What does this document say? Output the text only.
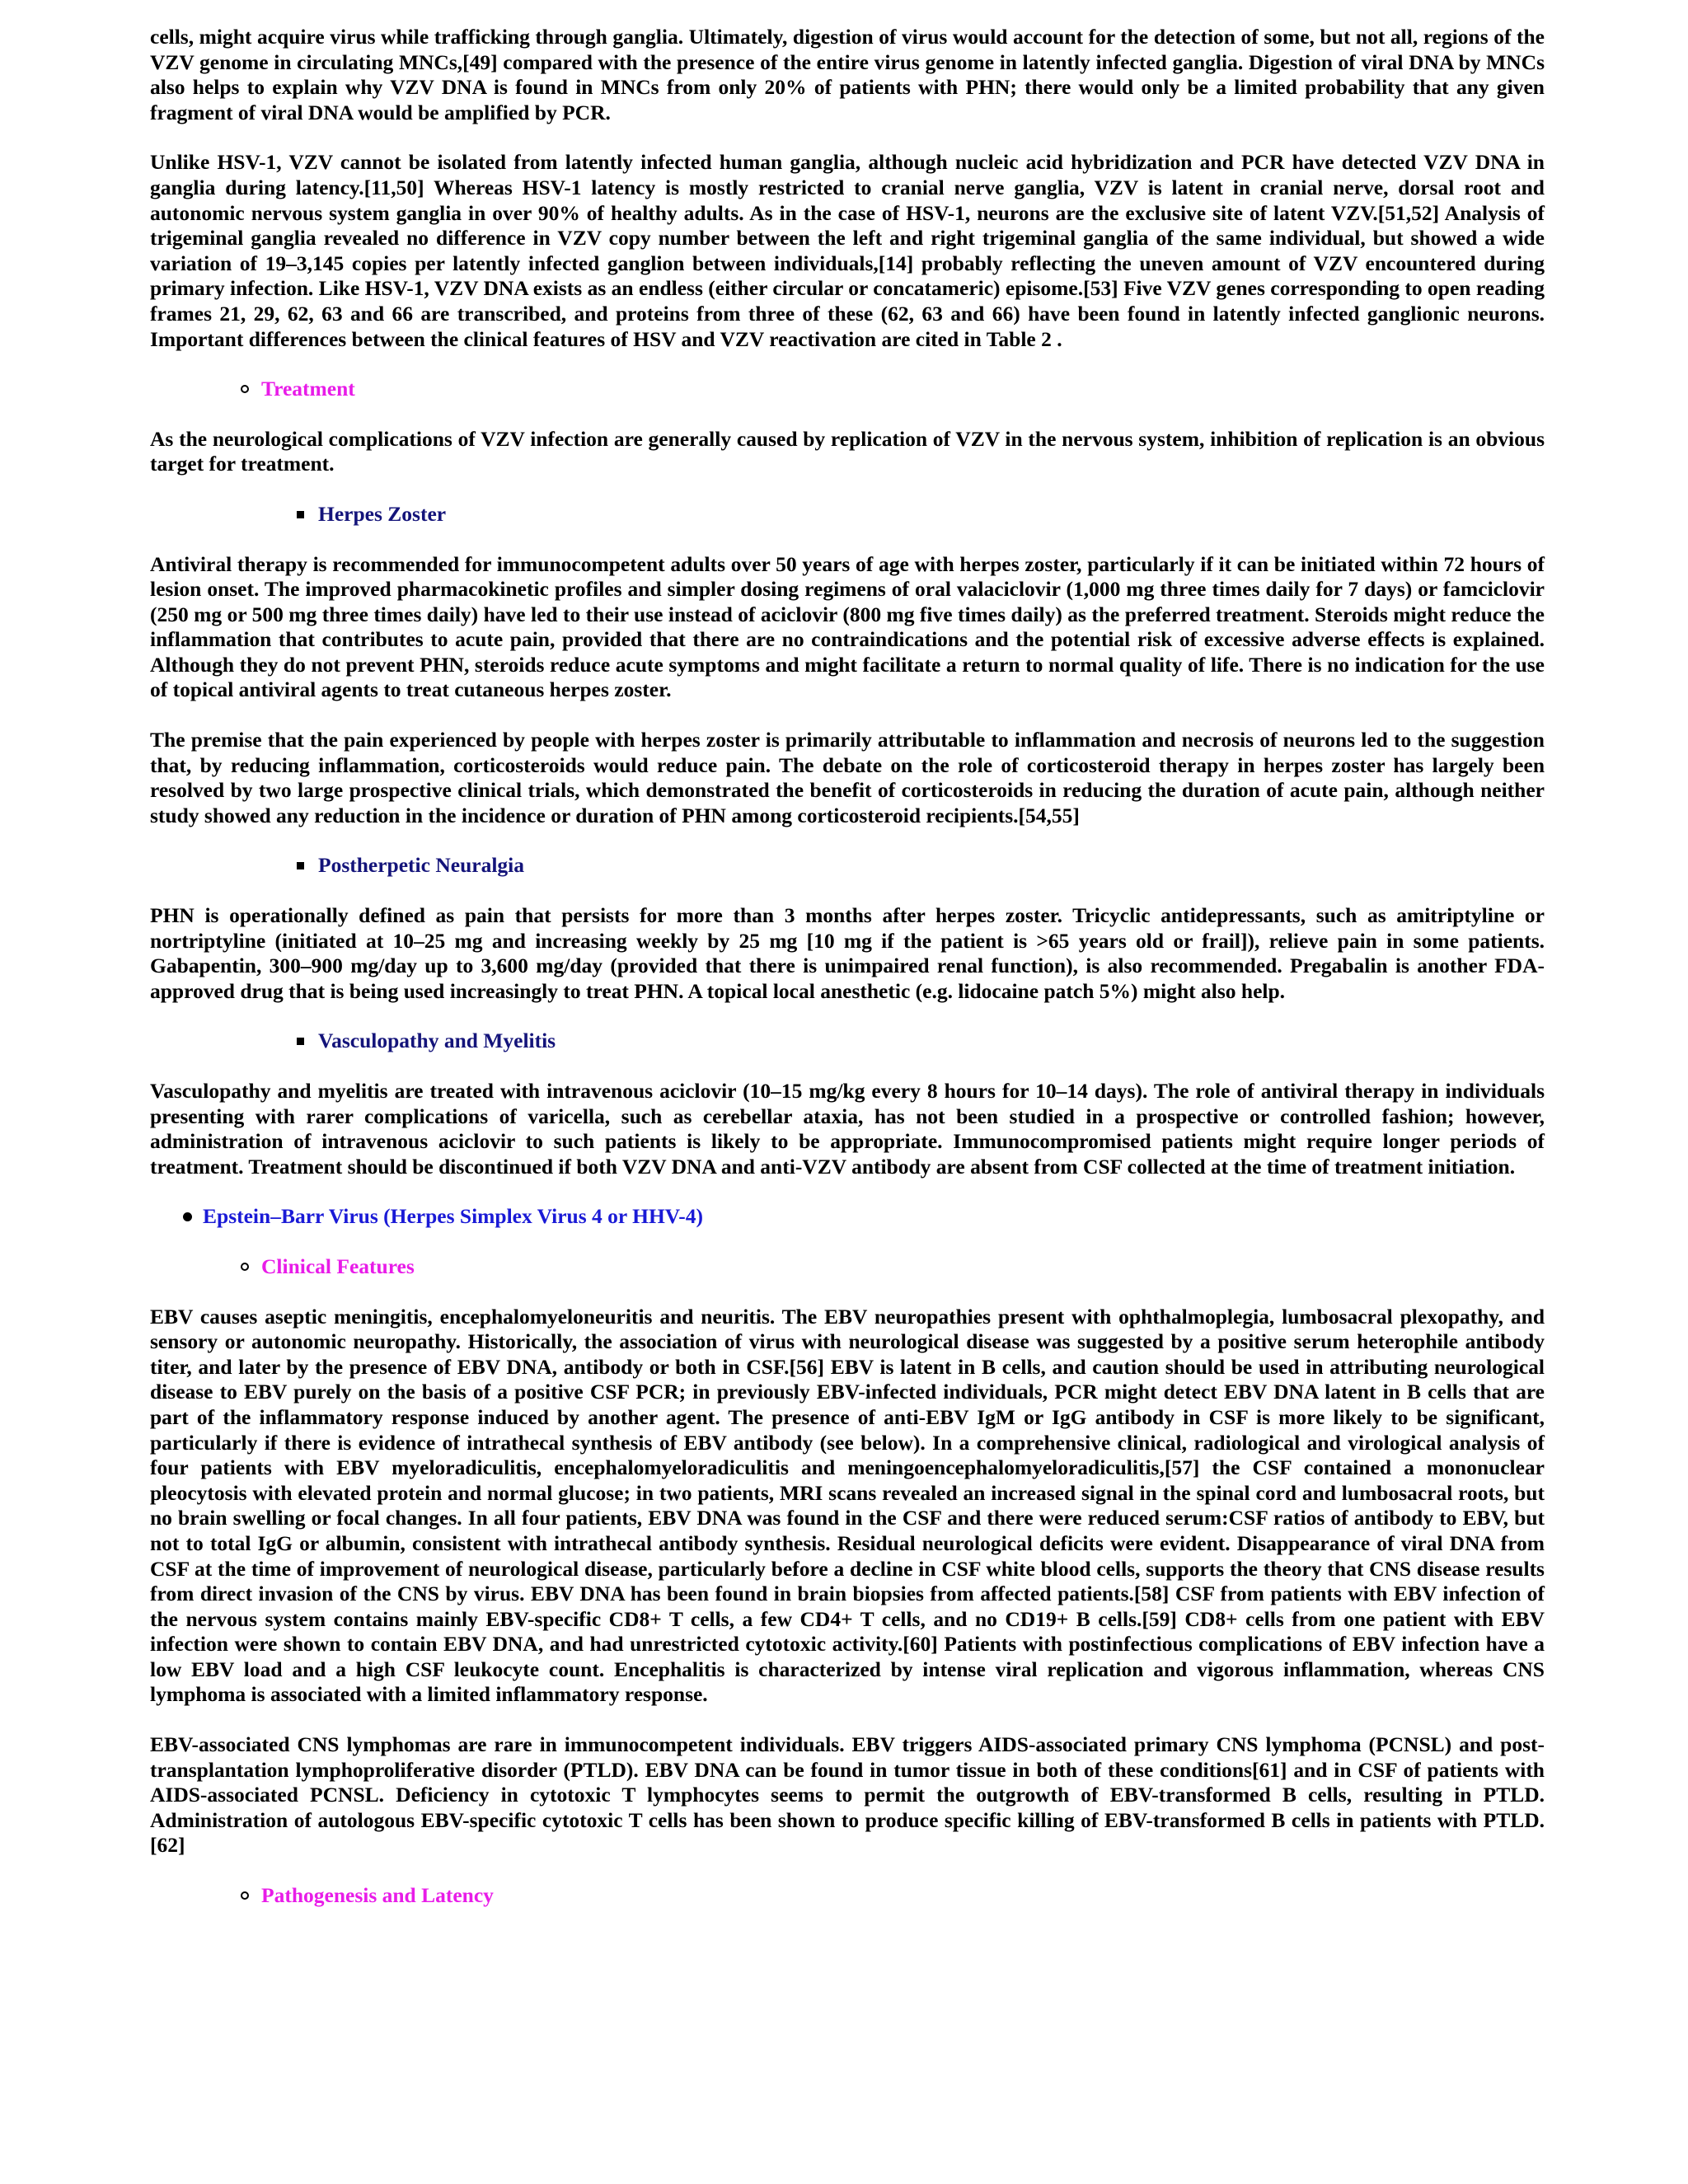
cells, might acquire virus while trafficking through ganglia. Ultimately, digestion of virus would account for the detection of some, but not all, regions of the VZV genome in circulating MNCs,[49] compared with the presence of the entire virus genome in latently infected ganglia. Digestion of viral DNA by MNCs also helps to explain why VZV DNA is found in MNCs from only 20% of patients with PHN; there would only be a limited probability that any given fragment of viral DNA would be amplified by PCR.

Unlike HSV-1, VZV cannot be isolated from latently infected human ganglia, although nucleic acid hybridization and PCR have detected VZV DNA in ganglia during latency.[11,50] Whereas HSV-1 latency is mostly restricted to cranial nerve ganglia, VZV is latent in cranial nerve, dorsal root and autonomic nervous system ganglia in over 90% of healthy adults. As in the case of HSV-1, neurons are the exclusive site of latent VZV.[51,52] Analysis of trigeminal ganglia revealed no difference in VZV copy number between the left and right trigeminal ganglia of the same individual, but showed a wide variation of 19–3,145 copies per latently infected ganglion between individuals,[14] probably reflecting the uneven amount of VZV encountered during primary infection. Like HSV-1, VZV DNA exists as an endless (either circular or concatameric) episome.[53] Five VZV genes corresponding to open reading frames 21, 29, 62, 63 and 66 are transcribed, and proteins from three of these (62, 63 and 66) have been found in latently infected ganglionic neurons. Important differences between the clinical features of HSV and VZV reactivation are cited in Table 2 .

Treatment

As the neurological complications of VZV infection are generally caused by replication of VZV in the nervous system, inhibition of replication is an obvious target for treatment.

Herpes Zoster

Antiviral therapy is recommended for immunocompetent adults over 50 years of age with herpes zoster, particularly if it can be initiated within 72 hours of lesion onset. The improved pharmacokinetic profiles and simpler dosing regimens of oral valaciclovir (1,000 mg three times daily for 7 days) or famciclovir (250 mg or 500 mg three times daily) have led to their use instead of aciclovir (800 mg five times daily) as the preferred treatment. Steroids might reduce the inflammation that contributes to acute pain, provided that there are no contraindications and the potential risk of excessive adverse effects is explained. Although they do not prevent PHN, steroids reduce acute symptoms and might facilitate a return to normal quality of life. There is no indication for the use of topical antiviral agents to treat cutaneous herpes zoster.

The premise that the pain experienced by people with herpes zoster is primarily attributable to inflammation and necrosis of neurons led to the suggestion that, by reducing inflammation, corticosteroids would reduce pain. The debate on the role of corticosteroid therapy in herpes zoster has largely been resolved by two large prospective clinical trials, which demonstrated the benefit of corticosteroids in reducing the duration of acute pain, although neither study showed any reduction in the incidence or duration of PHN among corticosteroid recipients.[54,55]

Postherpetic Neuralgia

PHN is operationally defined as pain that persists for more than 3 months after herpes zoster. Tricyclic antidepressants, such as amitriptyline or nortriptyline (initiated at 10–25 mg and increasing weekly by 25 mg [10 mg if the patient is >65 years old or frail]), relieve pain in some patients. Gabapentin, 300–900 mg/day up to 3,600 mg/day (provided that there is unimpaired renal function), is also recommended. Pregabalin is another FDA-approved drug that is being used increasingly to treat PHN. A topical local anesthetic (e.g. lidocaine patch 5%) might also help.

Vasculopathy and Myelitis

Vasculopathy and myelitis are treated with intravenous aciclovir (10–15 mg/kg every 8 hours for 10–14 days). The role of antiviral therapy in individuals presenting with rarer complications of varicella, such as cerebellar ataxia, has not been studied in a prospective or controlled fashion; however, administration of intravenous aciclovir to such patients is likely to be appropriate. Immunocompromised patients might require longer periods of treatment. Treatment should be discontinued if both VZV DNA and anti-VZV antibody are absent from CSF collected at the time of treatment initiation.

Epstein–Barr Virus (Herpes Simplex Virus 4 or HHV-4)
Clinical Features

EBV causes aseptic meningitis, encephalomyeloneuritis and neuritis. The EBV neuropathies present with ophthalmoplegia, lumbosacral plexopathy, and sensory or autonomic neuropathy. Historically, the association of virus with neurological disease was suggested by a positive serum heterophile antibody titer, and later by the presence of EBV DNA, antibody or both in CSF.[56] EBV is latent in B cells, and caution should be used in attributing neurological disease to EBV purely on the basis of a positive CSF PCR; in previously EBV-infected individuals, PCR might detect EBV DNA latent in B cells that are part of the inflammatory response induced by another agent. The presence of anti-EBV IgM or IgG antibody in CSF is more likely to be significant, particularly if there is evidence of intrathecal synthesis of EBV antibody (see below). In a comprehensive clinical, radiological and virological analysis of four patients with EBV myeloradiculitis, encephalomyeloradiculitis and meningoencephalomyeloradiculitis,[57] the CSF contained a mononuclear pleocytosis with elevated protein and normal glucose; in two patients, MRI scans revealed an increased signal in the spinal cord and lumbosacral roots, but no brain swelling or focal changes. In all four patients, EBV DNA was found in the CSF and there were reduced serum:CSF ratios of antibody to EBV, but not to total IgG or albumin, consistent with intrathecal antibody synthesis. Residual neurological deficits were evident. Disappearance of viral DNA from CSF at the time of improvement of neurological disease, particularly before a decline in CSF white blood cells, supports the theory that CNS disease results from direct invasion of the CNS by virus. EBV DNA has been found in brain biopsies from affected patients.[58] CSF from patients with EBV infection of the nervous system contains mainly EBV-specific CD8+ T cells, a few CD4+ T cells, and no CD19+ B cells.[59] CD8+ cells from one patient with EBV infection were shown to contain EBV DNA, and had unrestricted cytotoxic activity.[60] Patients with postinfectious complications of EBV infection have a low EBV load and a high CSF leukocyte count. Encephalitis is characterized by intense viral replication and vigorous inflammation, whereas CNS lymphoma is associated with a limited inflammatory response.

EBV-associated CNS lymphomas are rare in immunocompetent individuals. EBV triggers AIDS-associated primary CNS lymphoma (PCNSL) and post-transplantation lymphoproliferative disorder (PTLD). EBV DNA can be found in tumor tissue in both of these conditions[61] and in CSF of patients with AIDS-associated PCNSL. Deficiency in cytotoxic T lymphocytes seems to permit the outgrowth of EBV-transformed B cells, resulting in PTLD. Administration of autologous EBV-specific cytotoxic T cells has been shown to produce specific killing of EBV-transformed B cells in patients with PTLD.[62]

Pathogenesis and Latency
